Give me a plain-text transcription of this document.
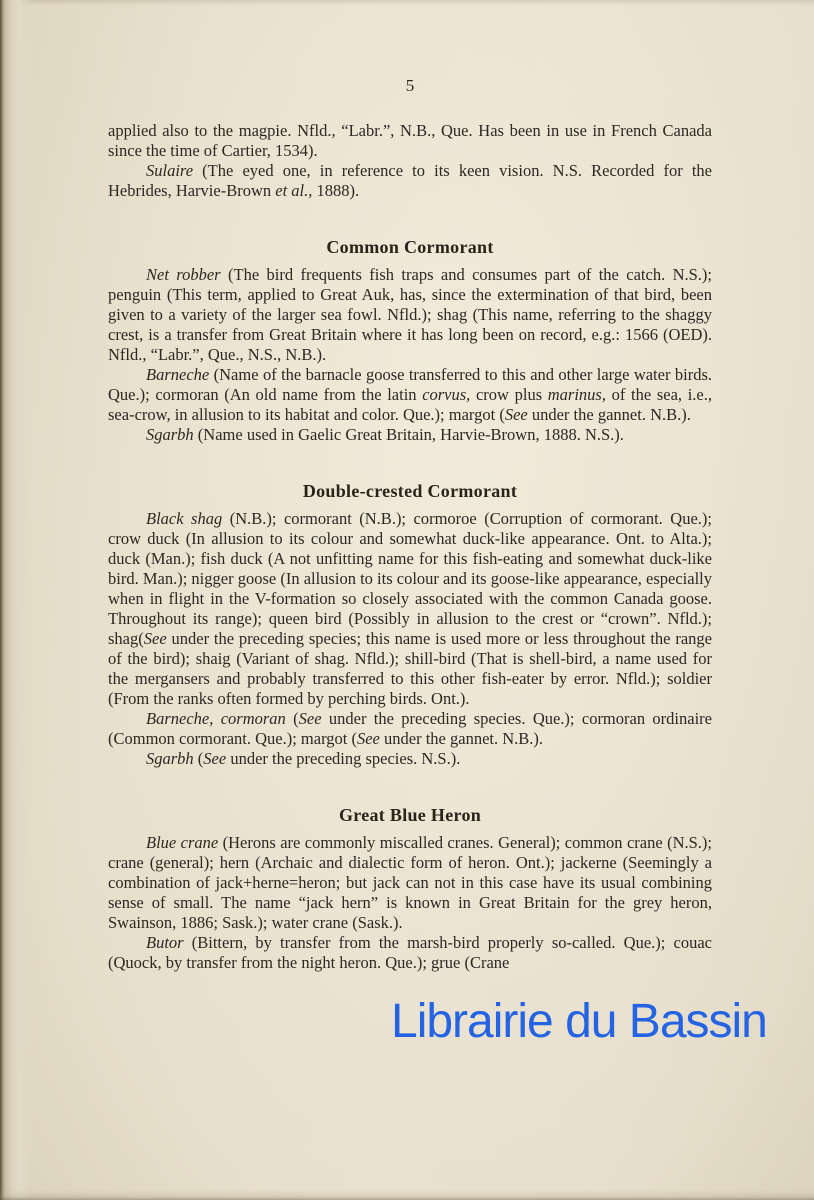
5

applied also to the magpie. Nfld., “Labr.”, N.B., Que. Has been in use in French Canada since the time of Cartier, 1534).

Sulaire (The eyed one, in reference to its keen vision. N.S. Recorded for the Hebrides, Harvie-Brown et al., 1888).

Common Cormorant

Net robber (The bird frequents fish traps and consumes part of the catch. N.S.); penguin (This term, applied to Great Auk, has, since the extermination of that bird, been given to a variety of the larger sea fowl. Nfld.); shag (This name, referring to the shaggy crest, is a transfer from Great Britain where it has long been on record, e.g.: 1566 (OED). Nfld., “Labr.”, Que., N.S., N.B.).

Barneche (Name of the barnacle goose transferred to this and other large water birds. Que.); cormoran (An old name from the latin corvus, crow plus marinus, of the sea, i.e., sea-crow, in allusion to its habitat and color. Que.); margot (See under the gannet. N.B.).

Sgarbh (Name used in Gaelic Great Britain, Harvie-Brown, 1888. N.S.).

Double-crested Cormorant

Black shag (N.B.); cormorant (N.B.); cormoroe (Corruption of cormorant. Que.); crow duck (In allusion to its colour and somewhat duck-like appearance. Ont. to Alta.); duck (Man.); fish duck (A not unfitting name for this fish-eating and somewhat duck-like bird. Man.); nigger goose (In allusion to its colour and its goose-like appearance, especially when in flight in the V-formation so closely associated with the common Canada goose. Throughout its range); queen bird (Possibly in allusion to the crest or “crown”. Nfld.); shag(See under the preceding species; this name is used more or less throughout the range of the bird); shaig (Variant of shag. Nfld.); shill-bird (That is shell-bird, a name used for the mergansers and probably transferred to this other fish-eater by error. Nfld.); soldier (From the ranks often formed by perching birds. Ont.).

Barneche, cormoran (See under the preceding species. Que.); cormoran ordinaire (Common cormorant. Que.); margot (See under the gannet. N.B.).

Sgarbh (See under the preceding species. N.S.).

Great Blue Heron

Blue crane (Herons are commonly miscalled cranes. General); common crane (N.S.); crane (general); hern (Archaic and dialectic form of heron. Ont.); jackerne (Seemingly a combination of jack+herne=heron; but jack can not in this case have its usual combining sense of small. The name “jack hern” is known in Great Britain for the grey heron, Swainson, 1886; Sask.); water crane (Sask.).

Butor (Bittern, by transfer from the marsh-bird properly so-called. Que.); couac (Quock, by transfer from the night heron. Que.); grue (Crane

Librairie du Bassin
